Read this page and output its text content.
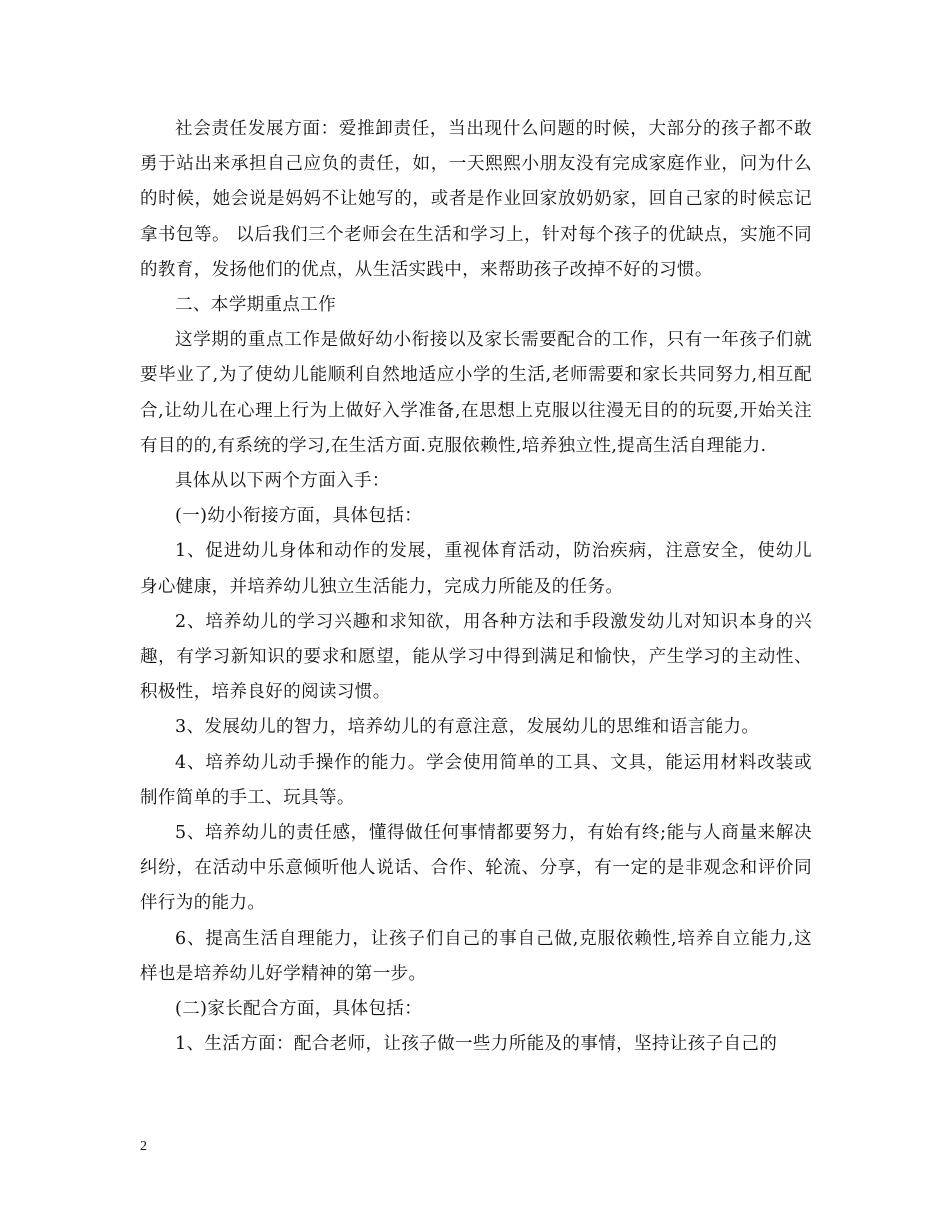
社会责任发展方面：爱推卸责任，当出现什么问题的时候，大部分的孩子都不敢勇于站出来承担自己应负的责任，如，一天熙熙小朋友没有完成家庭作业，问为什么的时候，她会说是妈妈不让她写的，或者是作业回家放奶奶家，回自己家的时候忘记拿书包等。 以后我们三个老师会在生活和学习上，针对每个孩子的优缺点，实施不同的教育，发扬他们的优点，从生活实践中，来帮助孩子改掉不好的习惯。

二、本学期重点工作

这学期的重点工作是做好幼小衔接以及家长需要配合的工作，只有一年孩子们就要毕业了,为了使幼儿能顺利自然地适应小学的生活,老师需要和家长共同努力,相互配合,让幼儿在心理上行为上做好入学准备,在思想上克服以往漫无目的的玩耍,开始关注有目的的,有系统的学习,在生活方面.克服依赖性,培养独立性,提高生活自理能力.

具体从以下两个方面入手：

(一)幼小衔接方面，具体包括：

1、促进幼儿身体和动作的发展，重视体育活动，防治疾病，注意安全，使幼儿身心健康，并培养幼儿独立生活能力，完成力所能及的任务。

2、培养幼儿的学习兴趣和求知欲，用各种方法和手段激发幼儿对知识本身的兴趣，有学习新知识的要求和愿望，能从学习中得到满足和愉快，产生学习的主动性、积极性，培养良好的阅读习惯。

3、发展幼儿的智力，培养幼儿的有意注意，发展幼儿的思维和语言能力。

4、培养幼儿动手操作的能力。学会使用简单的工具、文具，能运用材料改装或制作简单的手工、玩具等。

5、培养幼儿的责任感，懂得做任何事情都要努力，有始有终;能与人商量来解决纠纷，在活动中乐意倾听他人说话、合作、轮流、分享，有一定的是非观念和评价同伴行为的能力。

6、提高生活自理能力，让孩子们自己的事自己做,克服依赖性,培养自立能力,这样也是培养幼儿好学精神的第一步。

(二)家长配合方面，具体包括：

1、生活方面：配合老师，让孩子做一些力所能及的事情，坚持让孩子自己的

2
